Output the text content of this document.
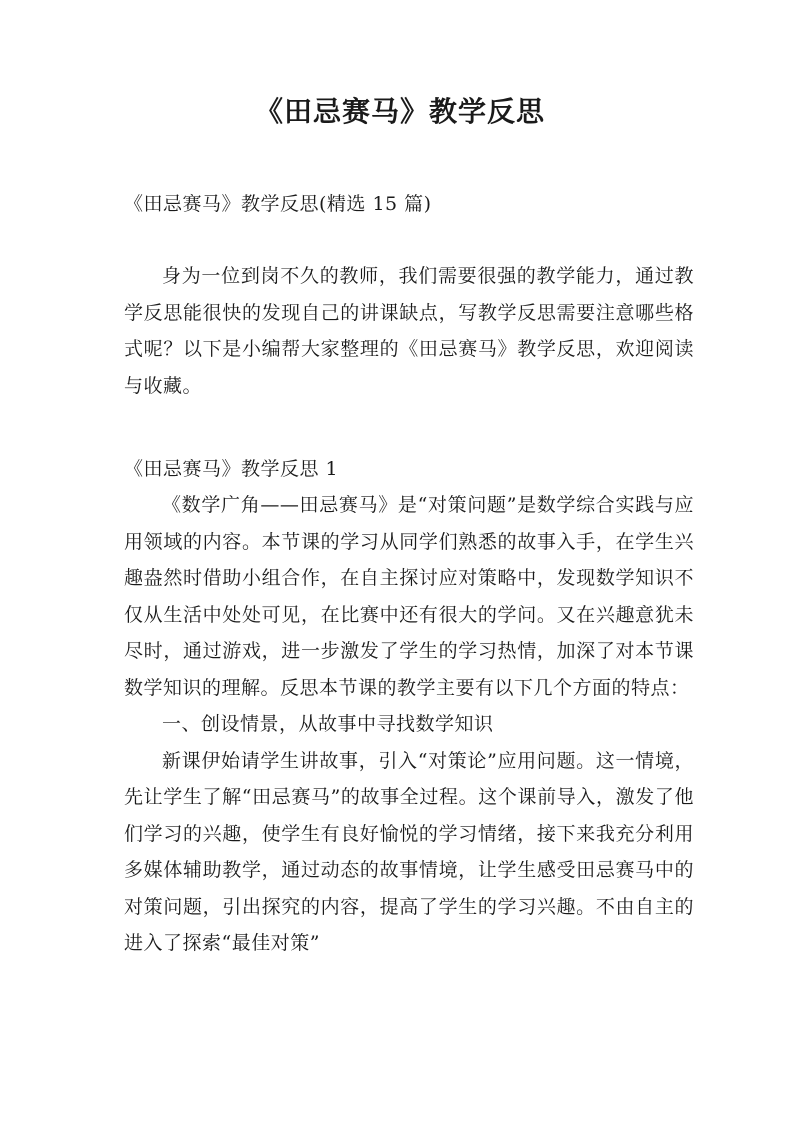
《田忌赛马》教学反思

《田忌赛马》教学反思(精选 15 篇)

身为一位到岗不久的教师，我们需要很强的教学能力，通过教学反思能很快的发现自己的讲课缺点，写教学反思需要注意哪些格式呢？以下是小编帮大家整理的《田忌赛马》教学反思，欢迎阅读与收藏。

《田忌赛马》教学反思 1

《数学广角——田忌赛马》是“对策问题”是数学综合实践与应用领域的内容。本节课的学习从同学们熟悉的故事入手，在学生兴趣盎然时借助小组合作，在自主探讨应对策略中，发现数学知识不仅从生活中处处可见，在比赛中还有很大的学问。又在兴趣意犹未尽时，通过游戏，进一步激发了学生的学习热情，加深了对本节课数学知识的理解。反思本节课的教学主要有以下几个方面的特点：

一、创设情景，从故事中寻找数学知识

新课伊始请学生讲故事，引入“对策论”应用问题。这一情境，先让学生了解“田忌赛马”的故事全过程。这个课前导入，激发了他们学习的兴趣，使学生有良好愉悦的学习情绪，接下来我充分利用多媒体辅助教学，通过动态的故事情境，让学生感受田忌赛马中的对策问题，引出探究的内容，提高了学生的学习兴趣。不由自主的进入了探索“最佳对策”
